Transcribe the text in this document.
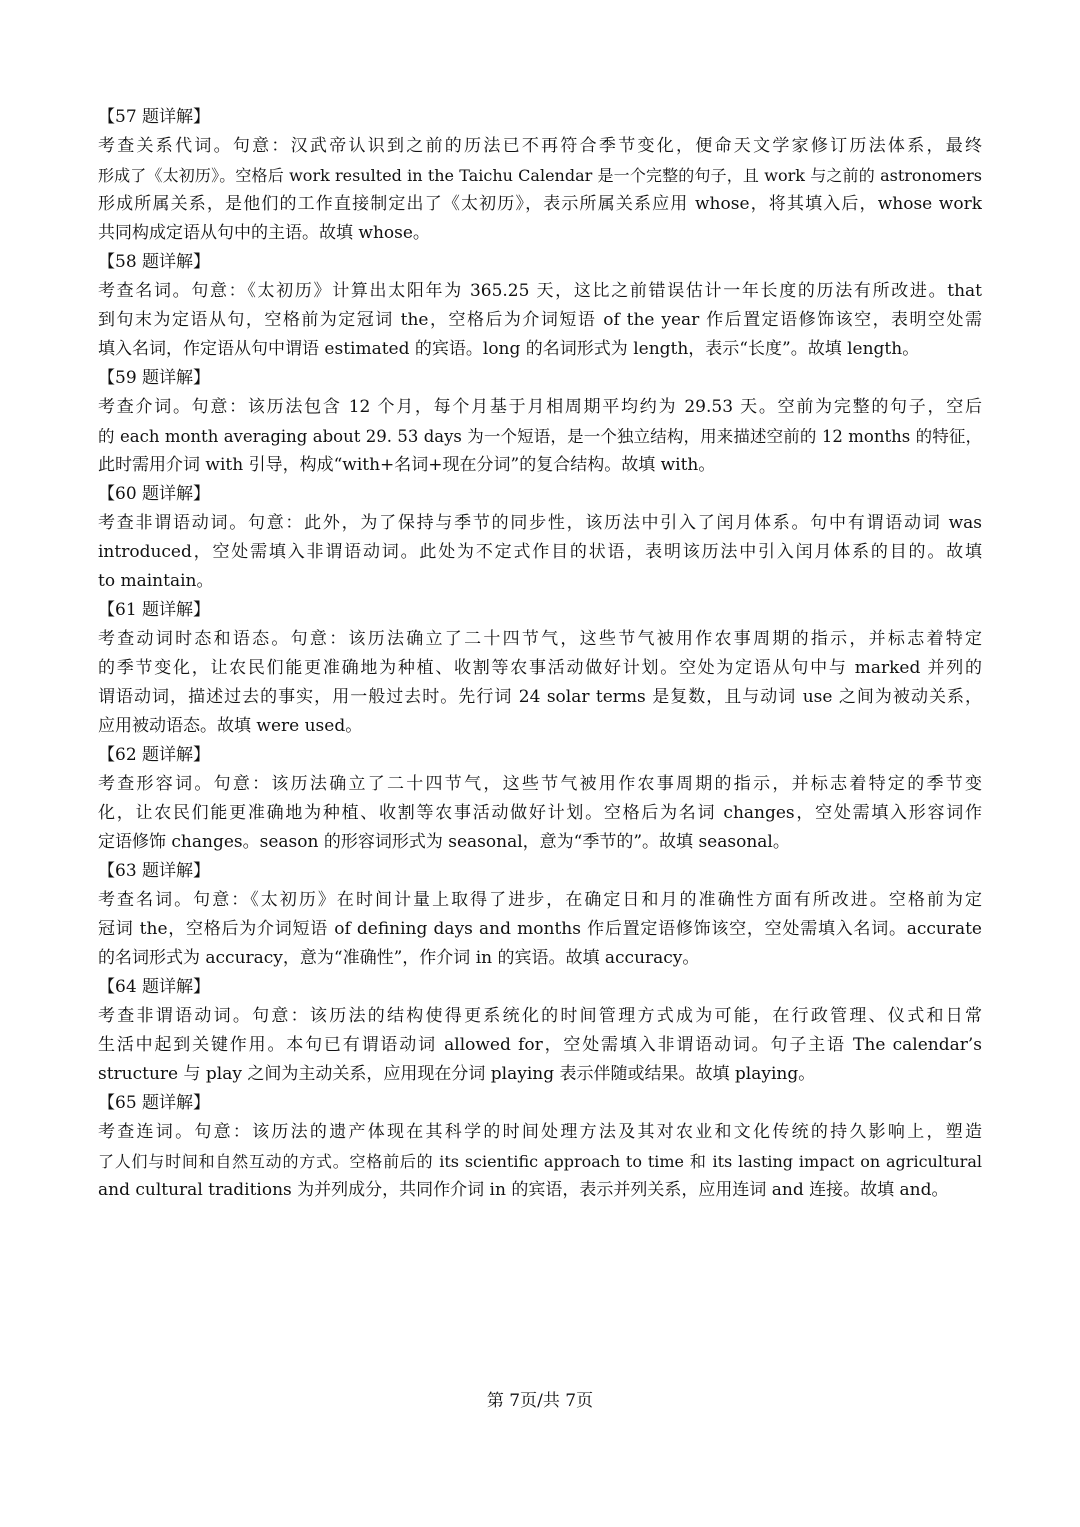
【57 题详解】
考查关系代词。句意：汉武帝认识到之前的历法已不再符合季节变化，便命天文学家修订历法体系，最终
形成了《太初历》。空格后 work resulted in the Taichu Calendar 是一个完整的句子，且 work 与之前的 astronomers
形成所属关系，是他们的工作直接制定出了《太初历》，表示所属关系应用 whose，将其填入后，whose work
共同构成定语从句中的主语。故填 whose。
【58 题详解】
考查名词。句意：《太初历》计算出太阳年为 365.25 天，这比之前错误估计一年长度的历法有所改进。that
到句末为定语从句，空格前为定冠词 the，空格后为介词短语 of the year 作后置定语修饰该空，表明空处需
填入名词，作定语从句中谓语 estimated 的宾语。long 的名词形式为 length，表示“长度”。故填 length。
【59 题详解】
考查介词。句意：该历法包含 12 个月，每个月基于月相周期平均约为 29.53 天。空前为完整的句子，空后
的 each month averaging about 29. 53 days 为一个短语，是一个独立结构，用来描述空前的 12 months 的特征，
此时需用介词 with 引导，构成“with+名词+现在分词”的复合结构。故填 with。
【60 题详解】
考查非谓语动词。句意：此外，为了保持与季节的同步性，该历法中引入了闰月体系。句中有谓语动词 was
introduced，空处需填入非谓语动词。此处为不定式作目的状语，表明该历法中引入闰月体系的目的。故填
to maintain。
【61 题详解】
考查动词时态和语态。句意：该历法确立了二十四节气，这些节气被用作农事周期的指示，并标志着特定
的季节变化，让农民们能更准确地为种植、收割等农事活动做好计划。空处为定语从句中与 marked 并列的
谓语动词，描述过去的事实，用一般过去时。先行词 24 solar terms 是复数，且与动词 use 之间为被动关系，
应用被动语态。故填 were used。
【62 题详解】
考查形容词。句意：该历法确立了二十四节气，这些节气被用作农事周期的指示，并标志着特定的季节变
化，让农民们能更准确地为种植、收割等农事活动做好计划。空格后为名词 changes，空处需填入形容词作
定语修饰 changes。season 的形容词形式为 seasonal，意为“季节的”。故填 seasonal。
【63 题详解】
考查名词。句意：《太初历》在时间计量上取得了进步，在确定日和月的准确性方面有所改进。空格前为定
冠词 the，空格后为介词短语 of defining days and months 作后置定语修饰该空，空处需填入名词。accurate
的名词形式为 accuracy，意为“准确性”，作介词 in 的宾语。故填 accuracy。
【64 题详解】
考查非谓语动词。句意：该历法的结构使得更系统化的时间管理方式成为可能，在行政管理、仪式和日常
生活中起到关键作用。本句已有谓语动词 allowed for，空处需填入非谓语动词。句子主语 The calendar’s
structure 与 play 之间为主动关系，应用现在分词 playing 表示伴随或结果。故填 playing。
【65 题详解】
考查连词。句意：该历法的遗产体现在其科学的时间处理方法及其对农业和文化传统的持久影响上，塑造
了人们与时间和自然互动的方式。空格前后的 its scientific approach to time 和 its lasting impact on agricultural
and cultural traditions 为并列成分，共同作介词 in 的宾语，表示并列关系，应用连词 and 连接。故填 and。
第 7页/共 7页
